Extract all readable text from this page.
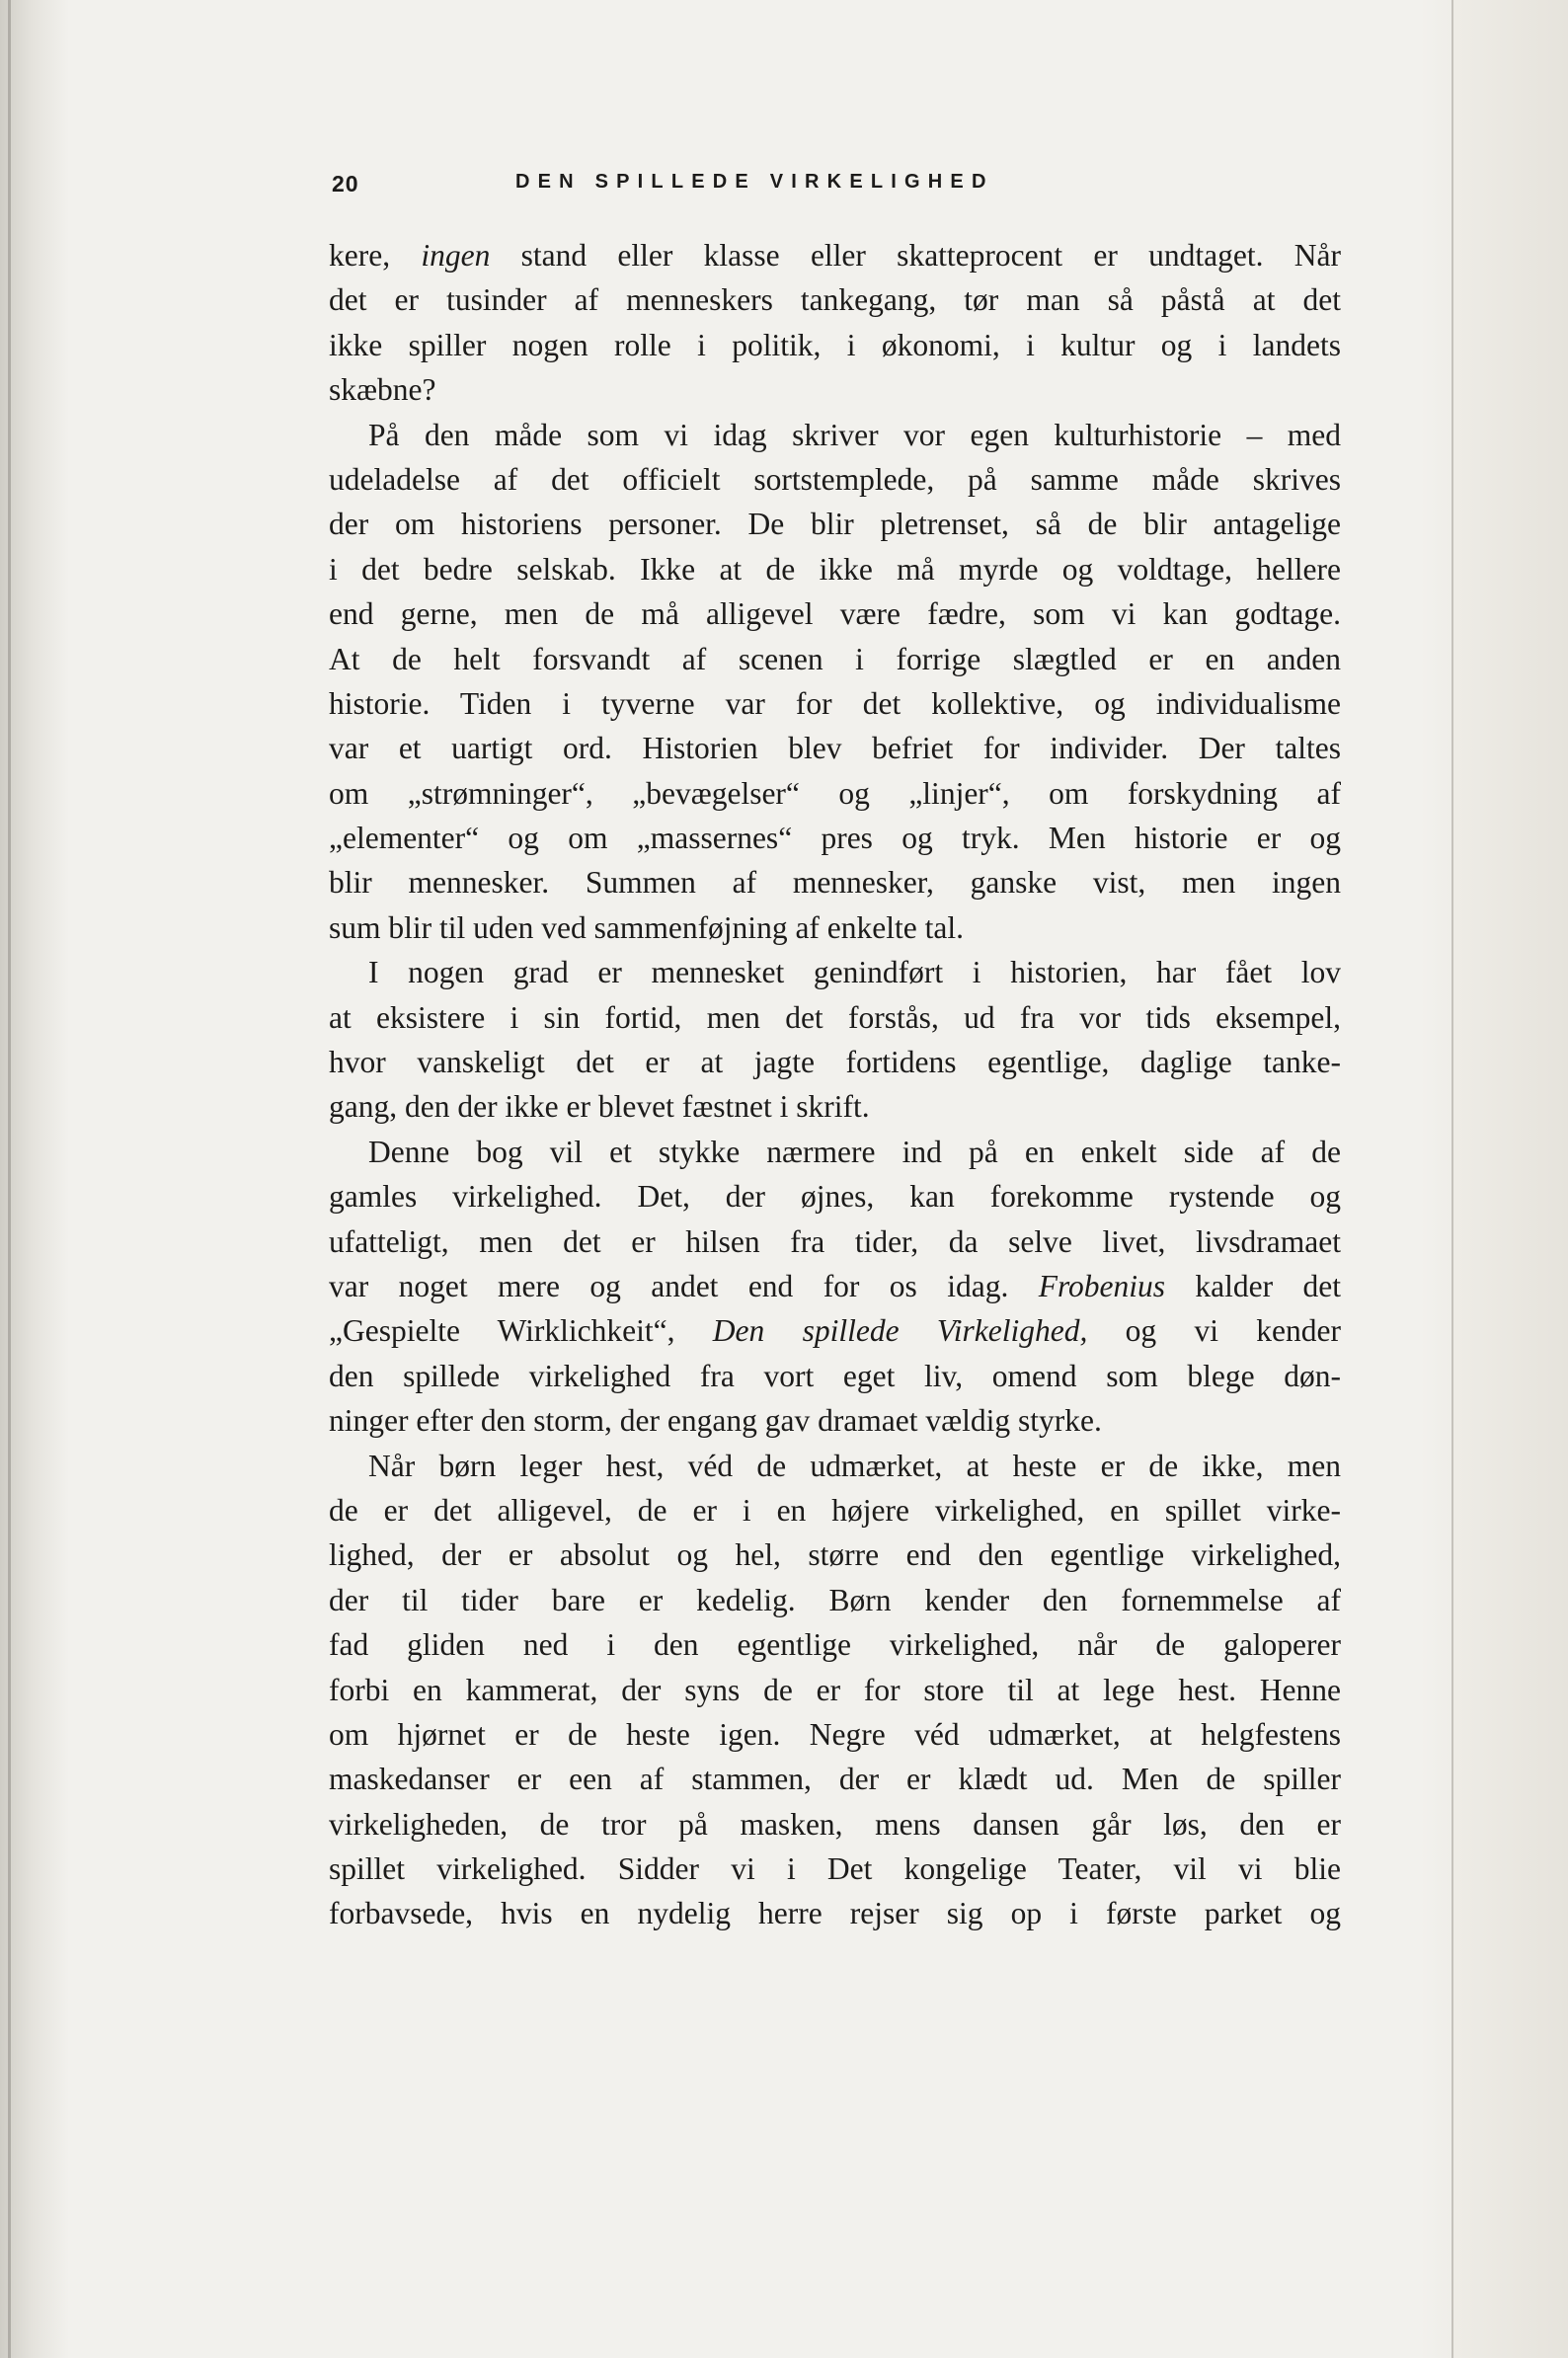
20	DEN SPILLEDE VIRKELIGHED
kere, ingen stand eller klasse eller skatteprocent er undtaget. Når
det er tusinder af menneskers tankegang, tør man så påstå at det
ikke spiller nogen rolle i politik, i økonomi, i kultur og i landets
skæbne?
På den måde som vi idag skriver vor egen kulturhistorie – med
udeladelse af det officielt sortstemplede, på samme måde skrives
der om historiens personer. De blir pletrenset, så de blir antagelige
i det bedre selskab. Ikke at de ikke må myrde og voldtage, hellere
end gerne, men de må alligevel være fædre, som vi kan godtage.
At de helt forsvandt af scenen i forrige slægtled er en anden
historie. Tiden i tyverne var for det kollektive, og individualisme
var et uartigt ord. Historien blev befriet for individer. Der taltes
om „strømninger“, „bevægelser“ og „linjer“, om forskydning af
„elementer“ og om „massernes“ pres og tryk. Men historie er og
blir mennesker. Summen af mennesker, ganske vist, men ingen
sum blir til uden ved sammenføjning af enkelte tal.
I nogen grad er mennesket genindført i historien, har fået lov
at eksistere i sin fortid, men det forstås, ud fra vor tids eksempel,
hvor vanskeligt det er at jagte fortidens egentlige, daglige tanke-
gang, den der ikke er blevet fæstnet i skrift.
Denne bog vil et stykke nærmere ind på en enkelt side af de
gamles virkelighed. Det, der øjnes, kan forekomme rystende og
ufatteligt, men det er hilsen fra tider, da selve livet, livsdramaet
var noget mere og andet end for os idag. Frobenius kalder det
„Gespielte Wirklichkeit“, Den spillede Virkelighed, og vi kender
den spillede virkelighed fra vort eget liv, omend som blege døn-
ninger efter den storm, der engang gav dramaet vældig styrke.
Når børn leger hest, véd de udmærket, at heste er de ikke, men
de er det alligevel, de er i en højere virkelighed, en spillet virke-
lighed, der er absolut og hel, større end den egentlige virkelighed,
der til tider bare er kedelig. Børn kender den fornemmelse af
fad gliden ned i den egentlige virkelighed, når de galoperer
forbi en kammerat, der syns de er for store til at lege hest. Henne
om hjørnet er de heste igen. Negre véd udmærket, at helgfestens
maskedanser er een af stammen, der er klædt ud. Men de spiller
virkeligheden, de tror på masken, mens dansen går løs, den er
spillet virkelighed. Sidder vi i Det kongelige Teater, vil vi blie
forbavsede, hvis en nydelig herre rejser sig op i første parket og
